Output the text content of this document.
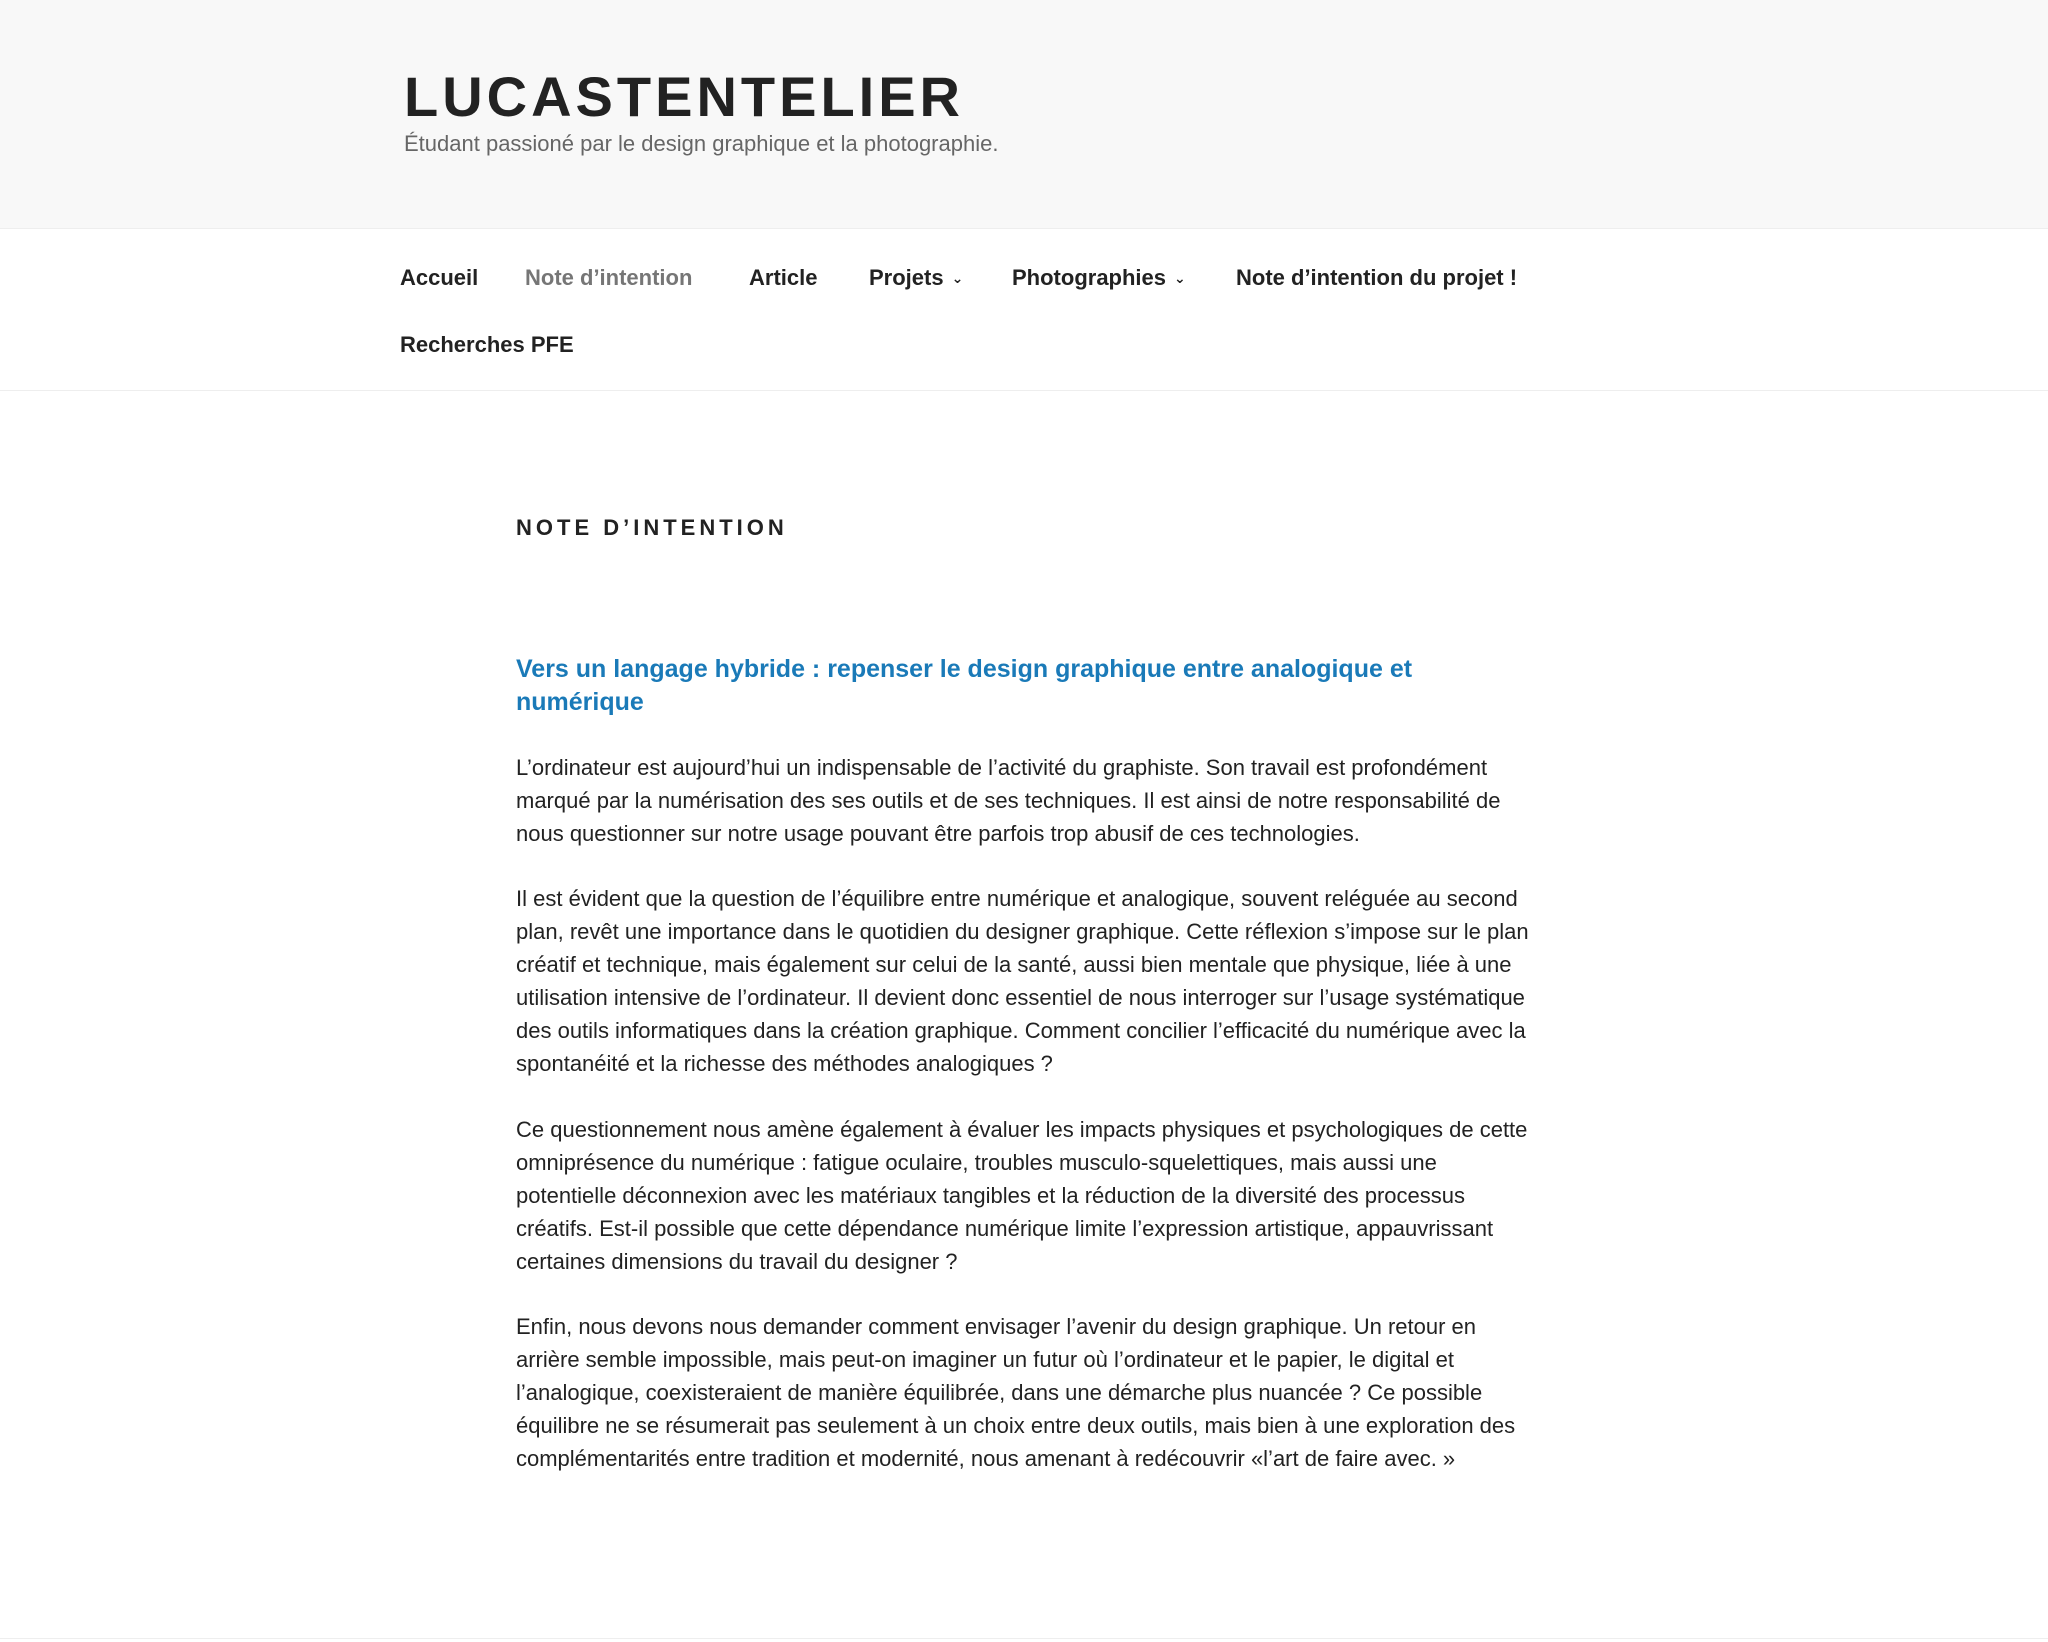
LUCASTENTELIER

Étudant passioné par le design graphique et la photographie.

Accueil Note d’intention	Article Projets ⌄ Photographies ⌄ Note d’intention du projet !
Recherches PFE
NOTE D’INTENTION
Vers un langage hybride : repenser le design graphique entre analogique et numérique

L’ordinateur est aujourd’hui un indispensable de l’activité du graphiste. Son travail est profondément marqué par la numérisation des ses outils et de ses techniques. Il est ainsi de notre responsabilité de nous questionner sur notre usage pouvant être parfois trop abusif de ces technologies.

Il est évident que la question de l’équilibre entre numérique et analogique, souvent reléguée au second plan, revêt une importance dans le quotidien du designer graphique. Cette réflexion s’impose sur le plan créatif et technique, mais également sur celui de la santé, aussi bien mentale que physique, liée à une utilisation intensive de l’ordinateur. Il devient donc essentiel de nous interroger sur l’usage systématique des outils informatiques dans la création graphique. Comment concilier l’efficacité du numérique avec la spontanéité et la richesse des méthodes analogiques ?

Ce questionnement nous amène également à évaluer les impacts physiques et psychologiques de cette omniprésence du numérique : fatigue oculaire, troubles musculo-squelettiques, mais aussi une potentielle déconnexion avec les matériaux tangibles et la réduction de la diversité des processus créatifs. Est-il possible que cette dépendance numérique limite l’expression artistique, appauvrissant certaines dimensions du travail du designer ?

Enfin, nous devons nous demander comment envisager l’avenir du design graphique. Un retour en arrière semble impossible, mais peut-on imaginer un futur où l’ordinateur et le papier, le digital et l’analogique, coexisteraient de manière équilibrée, dans une démarche plus nuancée ? Ce possible équilibre ne se résumerait pas seulement à un choix entre deux outils, mais bien à une exploration des complémentarités entre tradition et modernité, nous amenant à redécouvrir «l’art de faire avec. »
